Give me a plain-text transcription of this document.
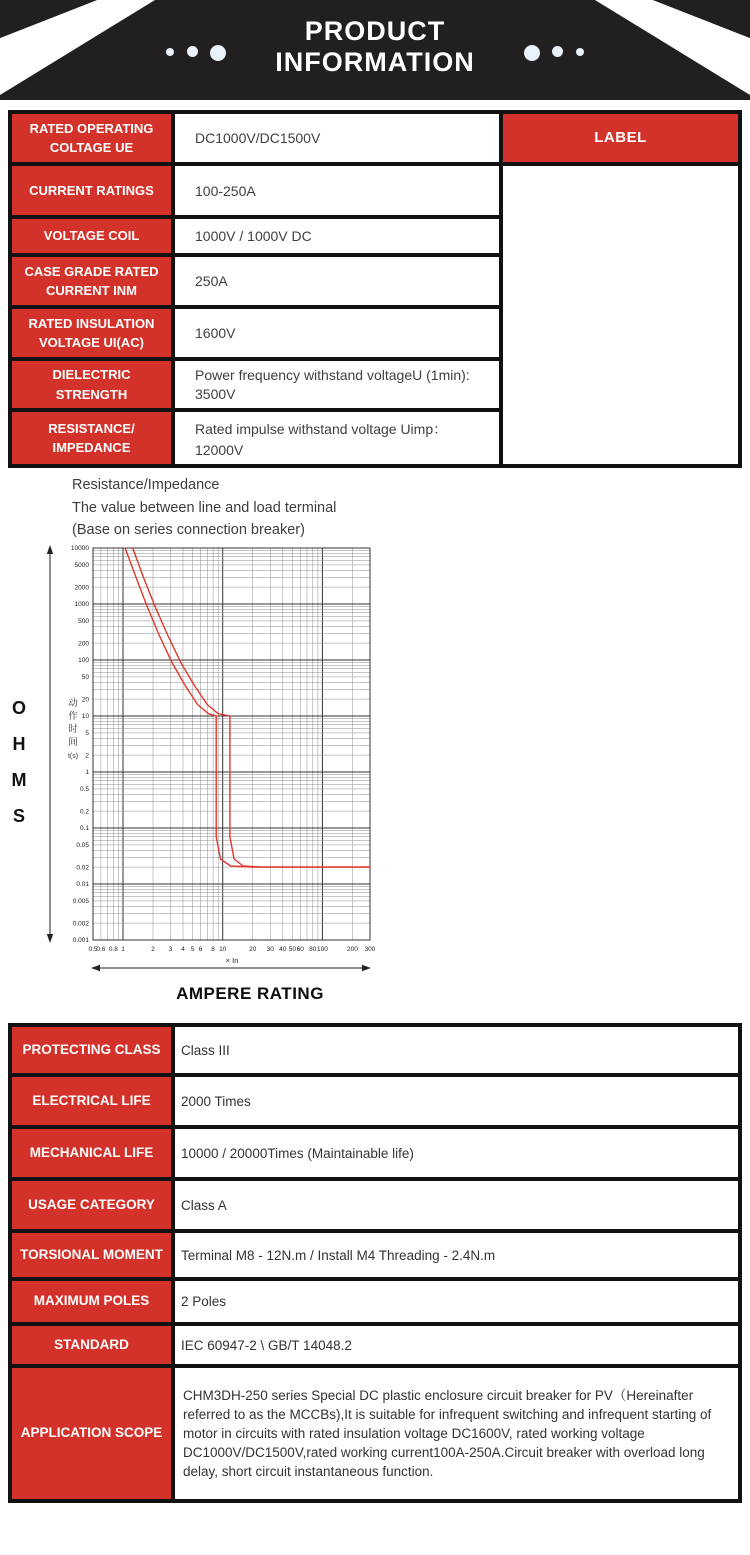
PRODUCT
INFORMATION
RATED OPERATING COLTAGE UE	DC1000V/DC1500V	LABEL
CURRENT RATINGS	100-250A	

VOLTAGE COIL	1000V / 1000V DC	

CASE GRADE RATED CURRENT INM	250A	

RATED INSULATION VOLTAGE UI(AC)	1600V	

DIELECTRIC STRENGTH	Power frequency withstand voltageU (1min):
3500V	

RESISTANCE/ IMPEDANCE	Rated impulse withstand voltage Uimp：
12000V	
Resistance/Impedance
The value between line and load terminal
(Base on series connection breaker)
OHMS
10000
5000
2000
1000
500
200
100
50
20
10
5
2
1
0.5
0.2
0.1
0.05
0.02
0.01
0.005
0.002
0.001
0.5
0.6 0.8 1	2 3 4 5 6 8 10	20 30 40 50 60 80 100	200 300
动
作
时
间
t(s)
× In
AMPERE RATING
PROTECTING CLASS	Class III

ELECTRICAL LIFE	2000 Times

MECHANICAL LIFE	10000 / 20000Times (Maintainable life)

USAGE CATEGORY	Class A

TORSIONAL MOMENT	Terminal M8 - 12N.m / Install M4 Threading - 2.4N.m

MAXIMUM POLES	2 Poles

STANDARD	IEC 60947-2 \ GB/T 14048.2

APPLICATION SCOPE	CHM3DH-250 series Special DC plastic enclosure circuit breaker for PV（Hereinafter referred to as the MCCBs),It is suitable for infrequent switching and infrequent starting of motor in circuits with rated insulation voltage DC1600V, rated working voltage DC1000V/DC1500V,rated working current100A-250A.Circuit breaker with overload long delay, short circuit instantaneous function.
